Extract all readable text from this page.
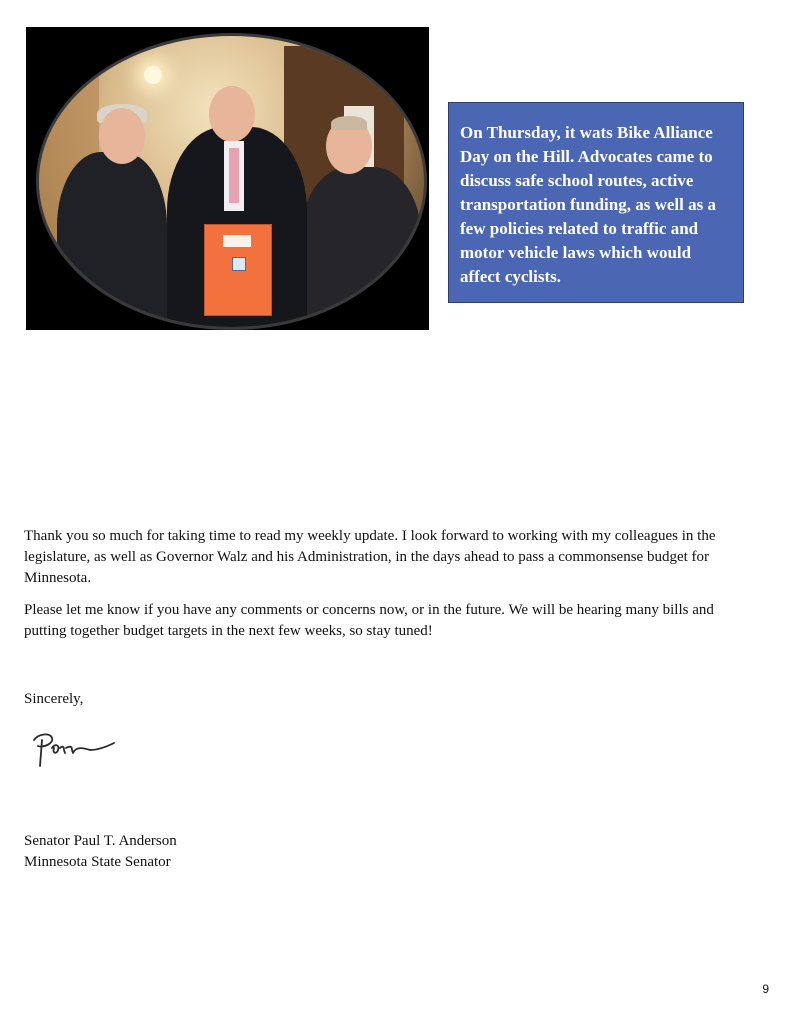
On Thursday, it wats Bike Alliance Day on the Hill. Advocates came to discuss safe school routes, active transportation funding, as well as a few policies related to traffic and motor vehicle laws which would affect cyclists.

Thank you so much for taking time to read my weekly update. I look forward to working with my colleagues in the legislature, as well as Governor Walz and his Administration, in the days ahead to pass a commonsense budget for Minnesota.

Please let me know if you have any comments or concerns now, or in the future. We will be hearing many bills and putting together budget targets in the next few weeks, so stay tuned!

Sincerely,

Senator Paul T. Anderson

Minnesota State Senator

9
